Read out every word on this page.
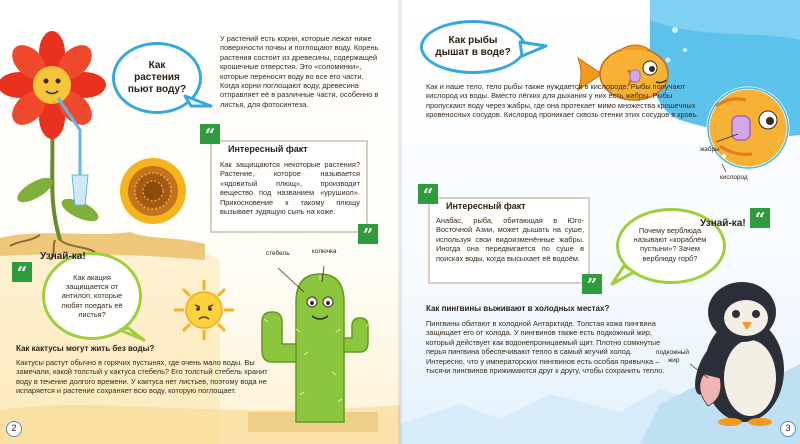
Как
растения
пьют воду?
У растений есть корни, которые лежат ниже поверхности почвы и поглощают воду. Корень растения состоит из древесины, содержащей крошечные отверстия. Это «соломинки», которые переносят воду во все его части. Когда корни поглощают воду, древесина отправляет её в различные части, особенно в листья, для фотосинтеза.
“
”
Интересный факт
Как защищаются некоторые растения? Растение, которое называется «ядовитый плющ», производит вещество под названием «урушиол». Прикосновение к такому плющу вызывает зудящую сыпь на коже.
“
Узнай-ка!
Как акация защищается от антилоп, которые любят поедать её листья?
стебель	колючка
Как кактусы могут жить без воды?
Кактусы растут обычно в горячих пустынях, где очень мало воды. Вы замечали, какой толстый у кактуса стебель? Его толстый стебель хранит воду в течение долгого времени. У кактуса нет листьев, поэтому вода не испаряется и растение сохраняет всю воду, которую поглощает.
2
Как рыбы
дышат в воде?
жабры
кислород
Как и наше тело, тело рыбы также нуждается в кислороде. Рыбы получают кислород из воды. Вместо лёгких для дыхания у них есть жабры. Рыбы пропускают воду через жабры, где она протекает мимо множества крошечных кровеносных сосудов. Кислород проникает сквозь стенки этих сосудов в кровь.
“
”
Интересный факт
Анабас, рыба, обитающая в Юго-Восточной Азии, может дышать на суше, используя свои видоизменённые жабры. Иногда она передвигается по суше в поисках воды, когда высыхает её водоём.
“
Узнай-ка!
Почему верблюда называют «кораблём пустыни»? Зачем верблюду горб?
подкожный
жир
Как пингвины выживают в холодных местах?
Пингвины обитают в холодной Антарктиде. Толстая кожа пингвина защищает его от холода. У пингвинов также есть подкожный жир, который действует как водонепроницаемый щит. Плотно сомкнутые перья пингвина обеспечивают тепло в самый жгучий холод. Интересно, что у императорских пингвинов есть особая привычка – тысячи пингвинов прижимаются друг к другу, чтобы сохранить тепло.
3
